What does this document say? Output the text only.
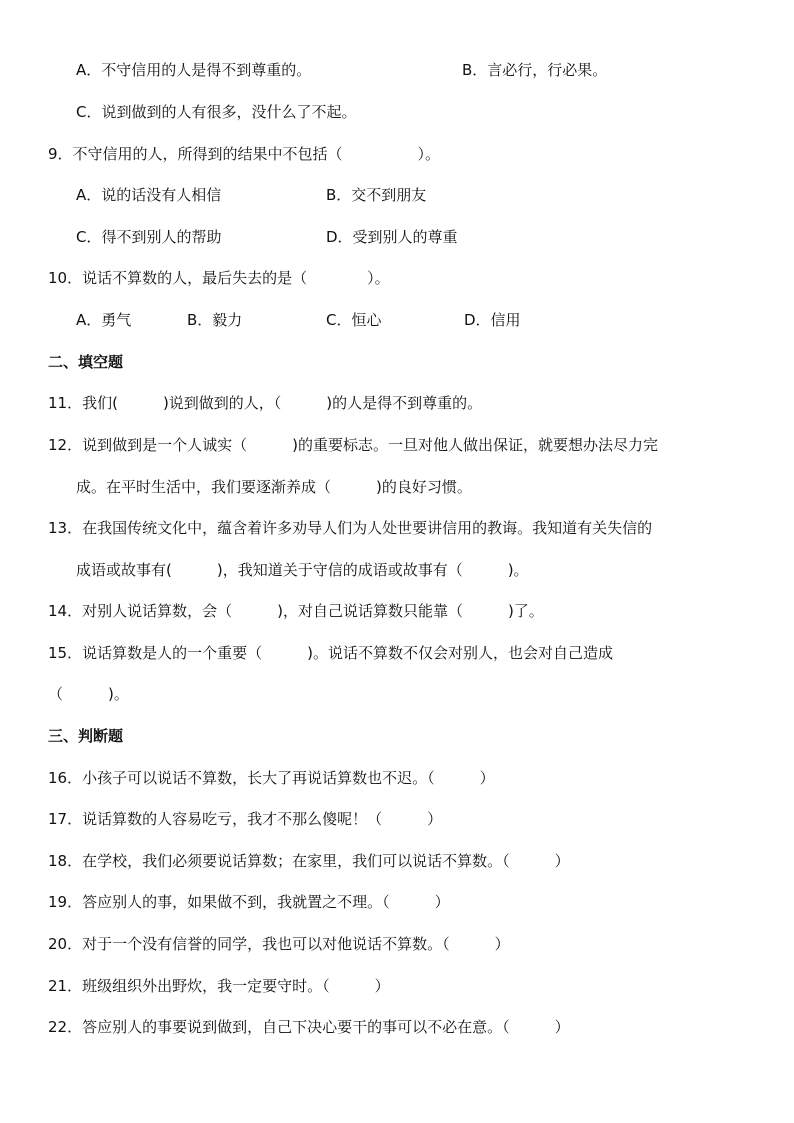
A．不守信用的人是得不到尊重的。	B．言必行，行必果。
C．说到做到的人有很多，没什么了不起。
9．不守信用的人，所得到的结果中不包括（　　　　　）。
A．说的话没有人相信	B．交不到朋友
C．得不到别人的帮助	D．受到别人的尊重
10．说话不算数的人，最后失去的是（　　　　）。
A．勇气	B．毅力	C．恒心	D．信用
二、填空题
11．我们(　　　)说到做到的人，（　　　)的人是得不到尊重的。
12．说到做到是一个人诚实（　　　)的重要标志。一旦对他人做出保证，就要想办法尽力完
成。在平时生活中，我们要逐渐养成（　　　)的良好习惯。
13．在我国传统文化中，蕴含着许多劝导人们为人处世要讲信用的教诲。我知道有关失信的
成语或故事有(　　　)，我知道关于守信的成语或故事有（　　　)。
14．对别人说话算数，会（　　　)，对自己说话算数只能靠（　　　)了。
15．说话算数是人的一个重要（　　　)。说话不算数不仅会对别人，也会对自己造成
（　　　)。
三、判断题
16．小孩子可以说话不算数，长大了再说话算数也不迟。（　　　）
17．说话算数的人容易吃亏，我才不那么傻呢！（　　　）
18．在学校，我们必须要说话算数；在家里，我们可以说话不算数。（　　　）
19．答应别人的事，如果做不到，我就置之不理。（　　　）
20．对于一个没有信誉的同学，我也可以对他说话不算数。（　　　）
21．班级组织外出野炊，我一定要守时。（　　　）
22．答应别人的事要说到做到，自己下决心要干的事可以不必在意。（　　　）
